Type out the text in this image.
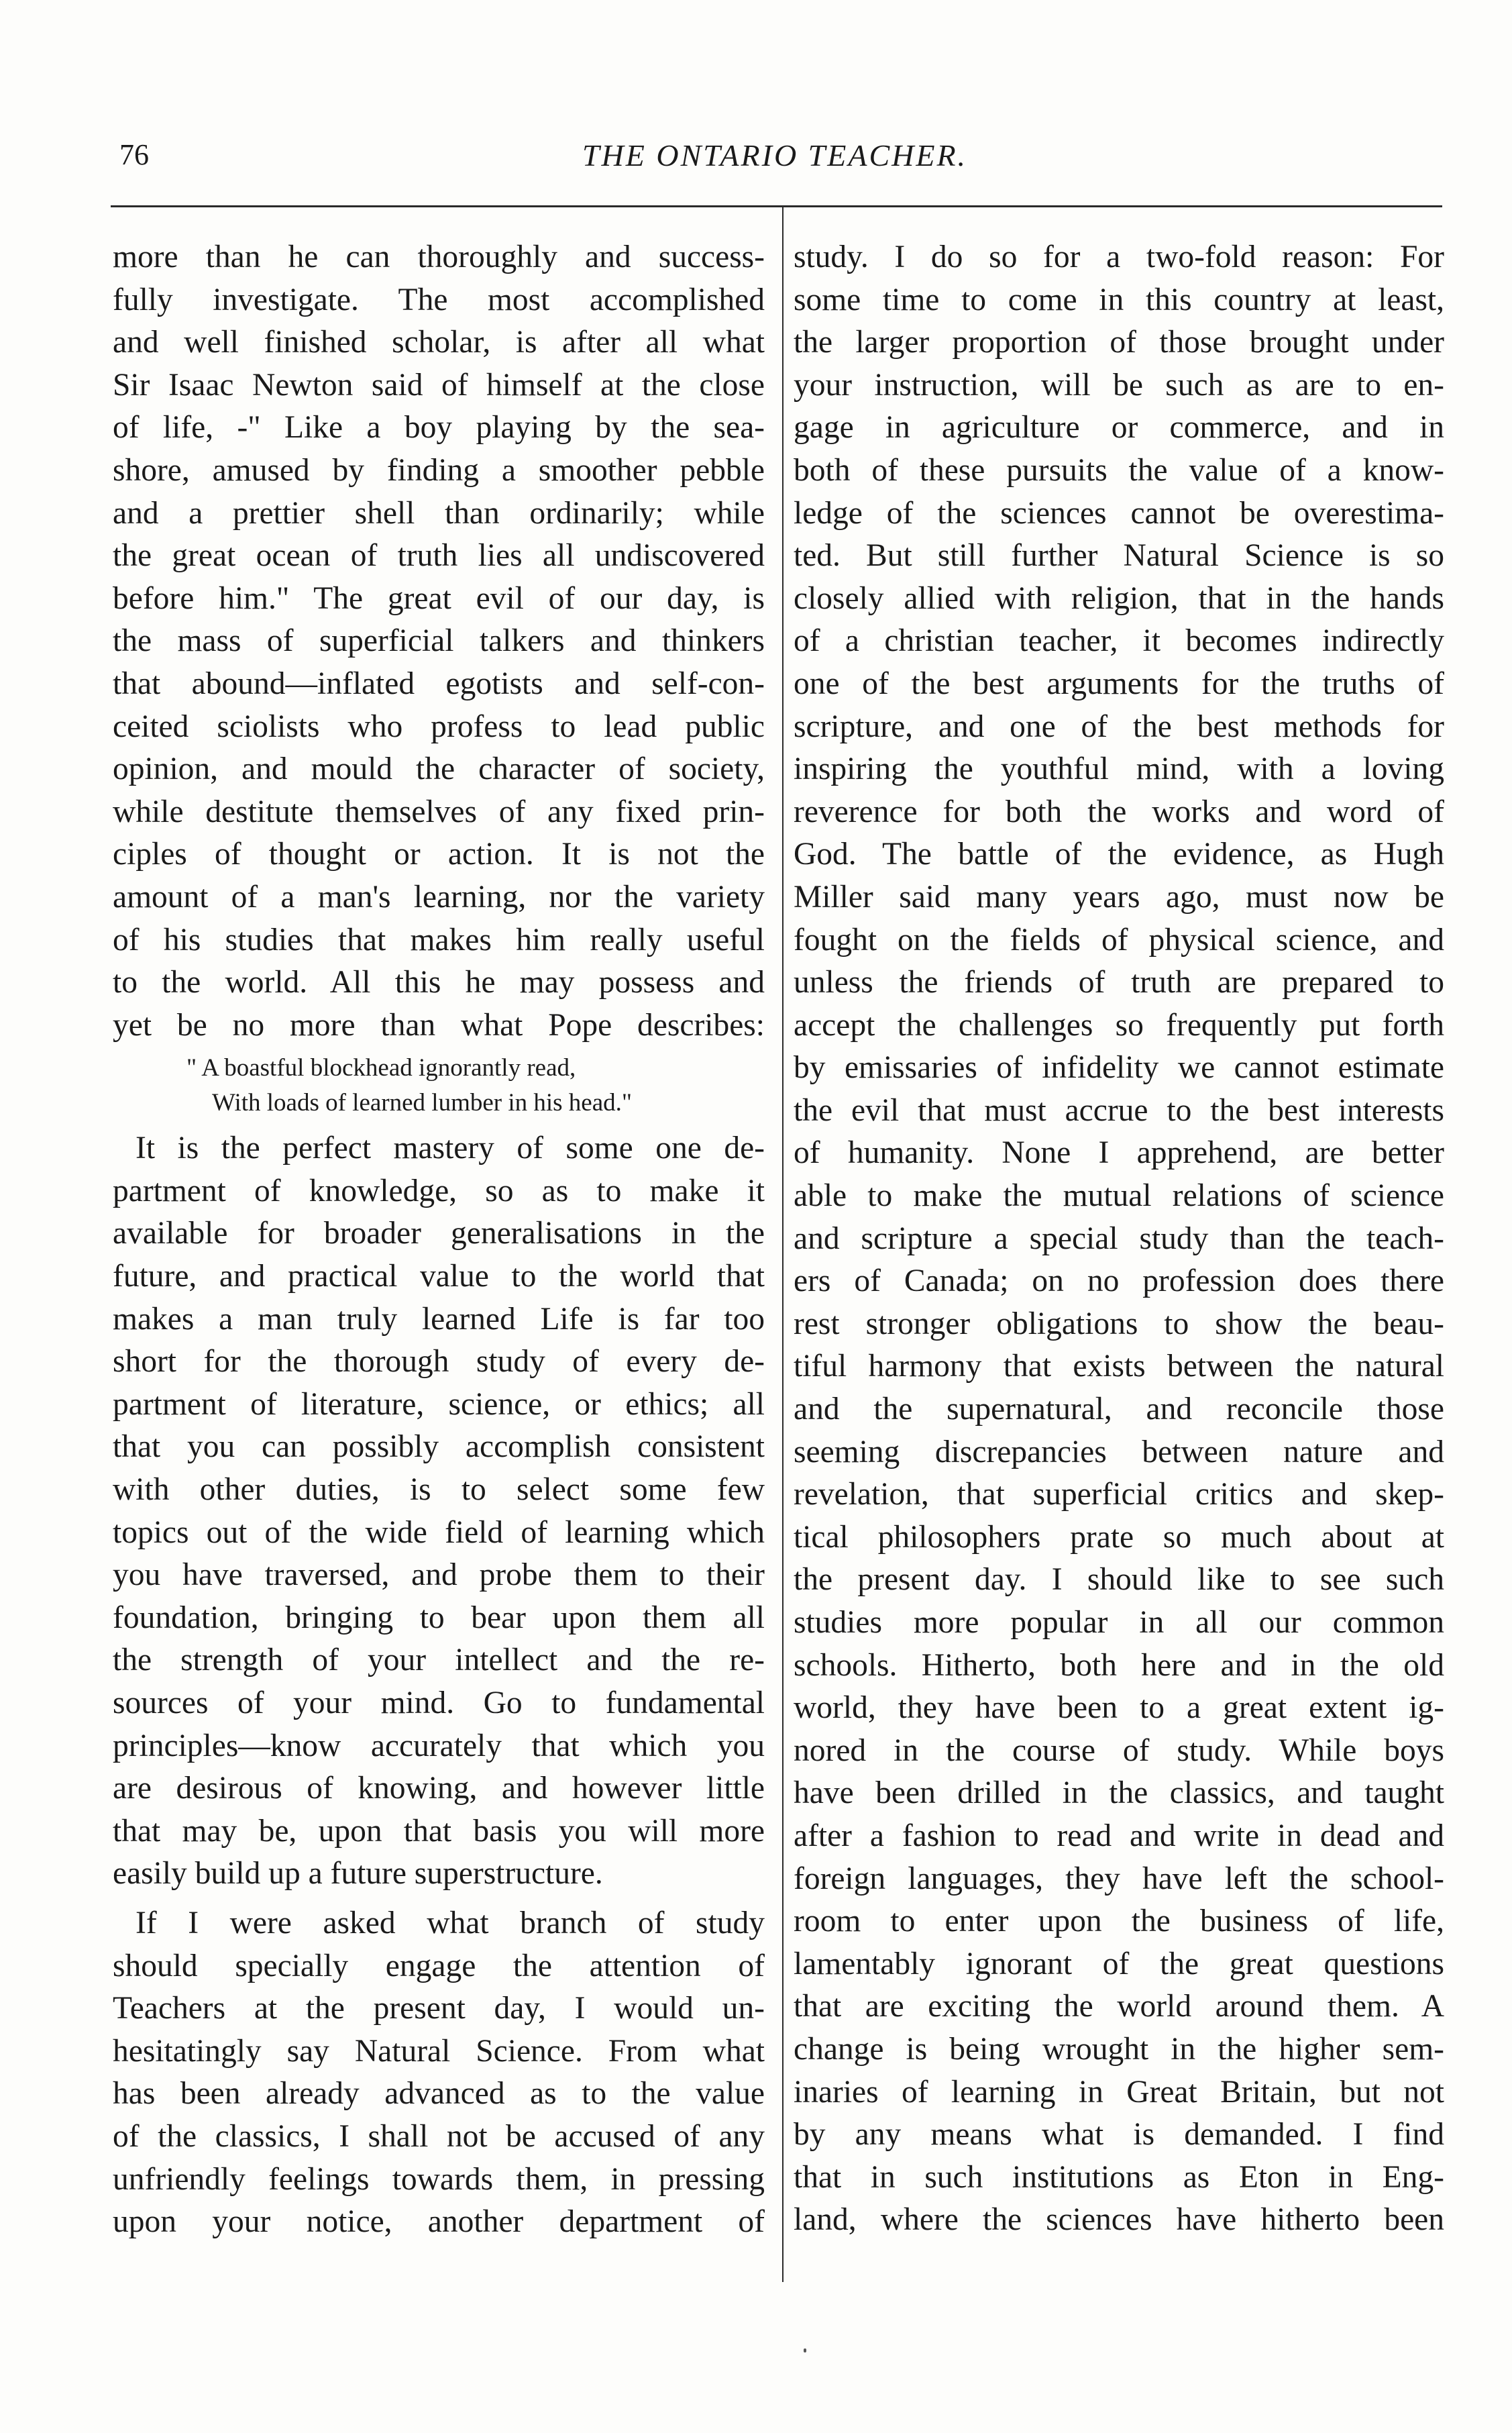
76	THE ONTARIO TEACHER.
more than he can thoroughly and success-
fully investigate. The most accomplished
and well finished scholar, is after all what
Sir Isaac Newton said of himself at the close
of life, -" Like a boy playing by the sea-
shore, amused by finding a smoother pebble
and a prettier shell than ordinarily; while
the great ocean of truth lies all undiscovered
before him." The great evil of our day, is
the mass of superficial talkers and thinkers
that abound—inflated egotists and self-con-
ceited sciolists who profess to lead public
opinion, and mould the character of society,
while destitute themselves of any fixed prin-
ciples of thought or action. It is not the
amount of a man's learning, nor the variety
of his studies that makes him really useful
to the world. All this he may possess and
yet be no more than what Pope describes:
" A boastful blockhead ignorantly read,
With loads of learned lumber in his head."
It is the perfect mastery of some one de-
partment of knowledge, so as to make it
available for broader generalisations in the
future, and practical value to the world that
makes a man truly learned Life is far too
short for the thorough study of every de-
partment of literature, science, or ethics; all
that you can possibly accomplish consistent
with other duties, is to select some few
topics out of the wide field of learning which
you have traversed, and probe them to their
foundation, bringing to bear upon them all
the strength of your intellect and the re-
sources of your mind. Go to fundamental
principles—know accurately that which you
are desirous of knowing, and however little
that may be, upon that basis you will more
easily build up a future superstructure.
If I were asked what branch of study
should specially engage the attention of
Teachers at the present day, I would un-
hesitatingly say Natural Science. From what
has been already advanced as to the value
of the classics, I shall not be accused of any
unfriendly feelings towards them, in pressing
upon your notice, another department of
study. I do so for a two-fold reason: For
some time to come in this country at least,
the larger proportion of those brought under
your instruction, will be such as are to en-
gage in agriculture or commerce, and in
both of these pursuits the value of a know-
ledge of the sciences cannot be overestima-
ted. But still further Natural Science is so
closely allied with religion, that in the hands
of a christian teacher, it becomes indirectly
one of the best arguments for the truths of
scripture, and one of the best methods for
inspiring the youthful mind, with a loving
reverence for both the works and word of
God. The battle of the evidence, as Hugh
Miller said many years ago, must now be
fought on the fields of physical science, and
unless the friends of truth are prepared to
accept the challenges so frequently put forth
by emissaries of infidelity we cannot estimate
the evil that must accrue to the best interests
of humanity. None I apprehend, are better
able to make the mutual relations of science
and scripture a special study than the teach-
ers of Canada; on no profession does there
rest stronger obligations to show the beau-
tiful harmony that exists between the natural
and the supernatural, and reconcile those
seeming discrepancies between nature and
revelation, that superficial critics and skep-
tical philosophers prate so much about at
the present day. I should like to see such
studies more popular in all our common
schools. Hitherto, both here and in the old
world, they have been to a great extent ig-
nored in the course of study. While boys
have been drilled in the classics, and taught
after a fashion to read and write in dead and
foreign languages, they have left the school-
room to enter upon the business of life,
lamentably ignorant of the great questions
that are exciting the world around them. A
change is being wrought in the higher sem-
inaries of learning in Great Britain, but not
by any means what is demanded. I find
that in such institutions as Eton in Eng-
land, where the sciences have hitherto been
